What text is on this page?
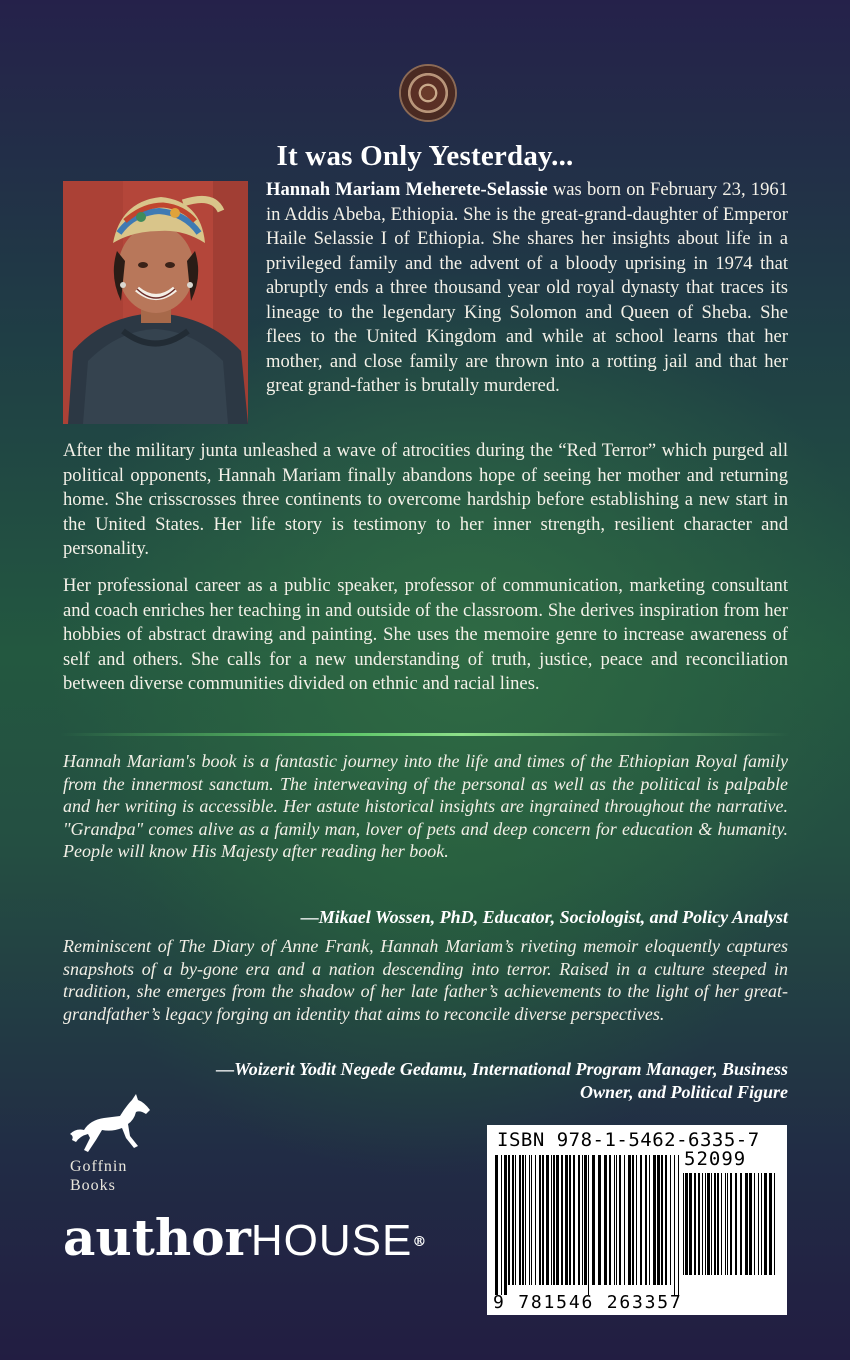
It was Only Yesterday...
Hannah Mariam Meherete-Selassie was born on February 23, 1961 in Addis Abeba, Ethiopia. She is the great-grand-daughter of Emperor Haile Selassie I of Ethiopia. She shares her insights about life in a privileged family and the advent of a bloody uprising in 1974 that abruptly ends a three thousand year old royal dynasty that traces its lineage to the legendary King Solomon and Queen of Sheba. She flees to the United Kingdom and while at school learns that her mother, and close family are thrown into a rotting jail and that her great grand-father is brutally murdered.

After the military junta unleashed a wave of atrocities during the “Red Terror” which purged all political opponents, Hannah Mariam finally abandons hope of seeing her mother and returning home. She crisscrosses three continents to overcome hardship before establishing a new start in the United States. Her life story is testimony to her inner strength, resilient character and personality.

Her professional career as a public speaker, professor of communication, marketing consultant and coach enriches her teaching in and outside of the classroom. She derives inspiration from her hobbies of abstract drawing and painting. She uses the memoire genre to increase awareness of self and others. She calls for a new understanding of truth, justice, peace and reconciliation between diverse communities divided on ethnic and racial lines.

Hannah Mariam's book is a fantastic journey into the life and times of the Ethiopian Royal family from the innermost sanctum. The interweaving of the personal as well as the political is palpable and her writing is accessible. Her astute historical insights are ingrained throughout the narrative. "Grandpa" comes alive as a family man, lover of pets and deep concern for education & humanity. People will know His Majesty after reading her book.

—Mikael Wossen, PhD, Educator, Sociologist, and Policy Analyst

Reminiscent of The Diary of Anne Frank, Hannah Mariam’s riveting memoir eloquently captures snapshots of a by-gone era and a nation descending into terror. Raised in a culture steeped in tradition, she emerges from the shadow of her late father’s achievements to the light of her great-grandfather’s legacy forging an identity that aims to reconcile diverse perspectives.

—Woizerit Yodit Negede Gedamu, International Program Manager, Business
Owner, and Political Figure
Goffnin
Books
authorHOUSE®
ISBN 978-1-5462-6335-7
52099
9 781546 263357
